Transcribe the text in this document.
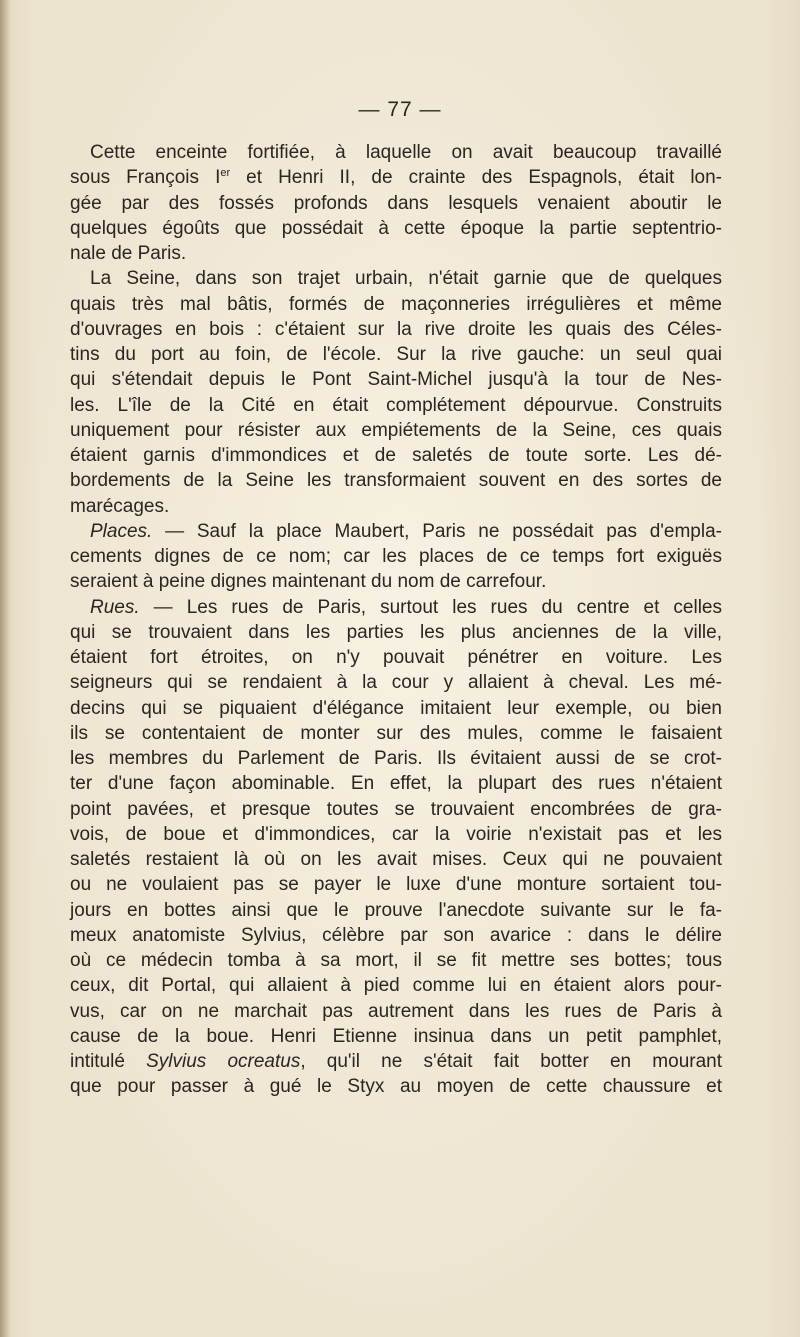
— 77 —
Cette enceinte fortifiée, à laquelle on avait beaucoup travaillé
sous François Ier et Henri II, de crainte des Espagnols, était lon-
gée par des fossés profonds dans lesquels venaient aboutir le
quelques égoûts que possédait à cette époque la partie septentrio-
nale de Paris.
La Seine, dans son trajet urbain, n'était garnie que de quelques
quais très mal bâtis, formés de maçonneries irrégulières et même
d'ouvrages en bois : c'étaient sur la rive droite les quais des Céles-
tins du port au foin, de l'école. Sur la rive gauche: un seul quai
qui s'étendait depuis le Pont Saint-Michel jusqu'à la tour de Nes-
les. L'île de la Cité en était complétement dépourvue. Construits
uniquement pour résister aux empiétements de la Seine, ces quais
étaient garnis d'immondices et de saletés de toute sorte. Les dé-
bordements de la Seine les transformaient souvent en des sortes de
marécages.
Places. — Sauf la place Maubert, Paris ne possédait pas d'empla-
cements dignes de ce nom; car les places de ce temps fort exiguës
seraient à peine dignes maintenant du nom de carrefour.
Rues. — Les rues de Paris, surtout les rues du centre et celles
qui se trouvaient dans les parties les plus anciennes de la ville,
étaient fort étroites, on n'y pouvait pénétrer en voiture. Les
seigneurs qui se rendaient à la cour y allaient à cheval. Les mé-
decins qui se piquaient d'élégance imitaient leur exemple, ou bien
ils se contentaient de monter sur des mules, comme le faisaient
les membres du Parlement de Paris. Ils évitaient aussi de se crot-
ter d'une façon abominable. En effet, la plupart des rues n'étaient
point pavées, et presque toutes se trouvaient encombrées de gra-
vois, de boue et d'immondices, car la voirie n'existait pas et les
saletés restaient là où on les avait mises. Ceux qui ne pouvaient
ou ne voulaient pas se payer le luxe d'une monture sortaient tou-
jours en bottes ainsi que le prouve l'anecdote suivante sur le fa-
meux anatomiste Sylvius, célèbre par son avarice : dans le délire
où ce médecin tomba à sa mort, il se fit mettre ses bottes; tous
ceux, dit Portal, qui allaient à pied comme lui en étaient alors pour-
vus, car on ne marchait pas autrement dans les rues de Paris à
cause de la boue. Henri Etienne insinua dans un petit pamphlet,
intitulé Sylvius ocreatus, qu'il ne s'était fait botter en mourant
que pour passer à gué le Styx au moyen de cette chaussure et
